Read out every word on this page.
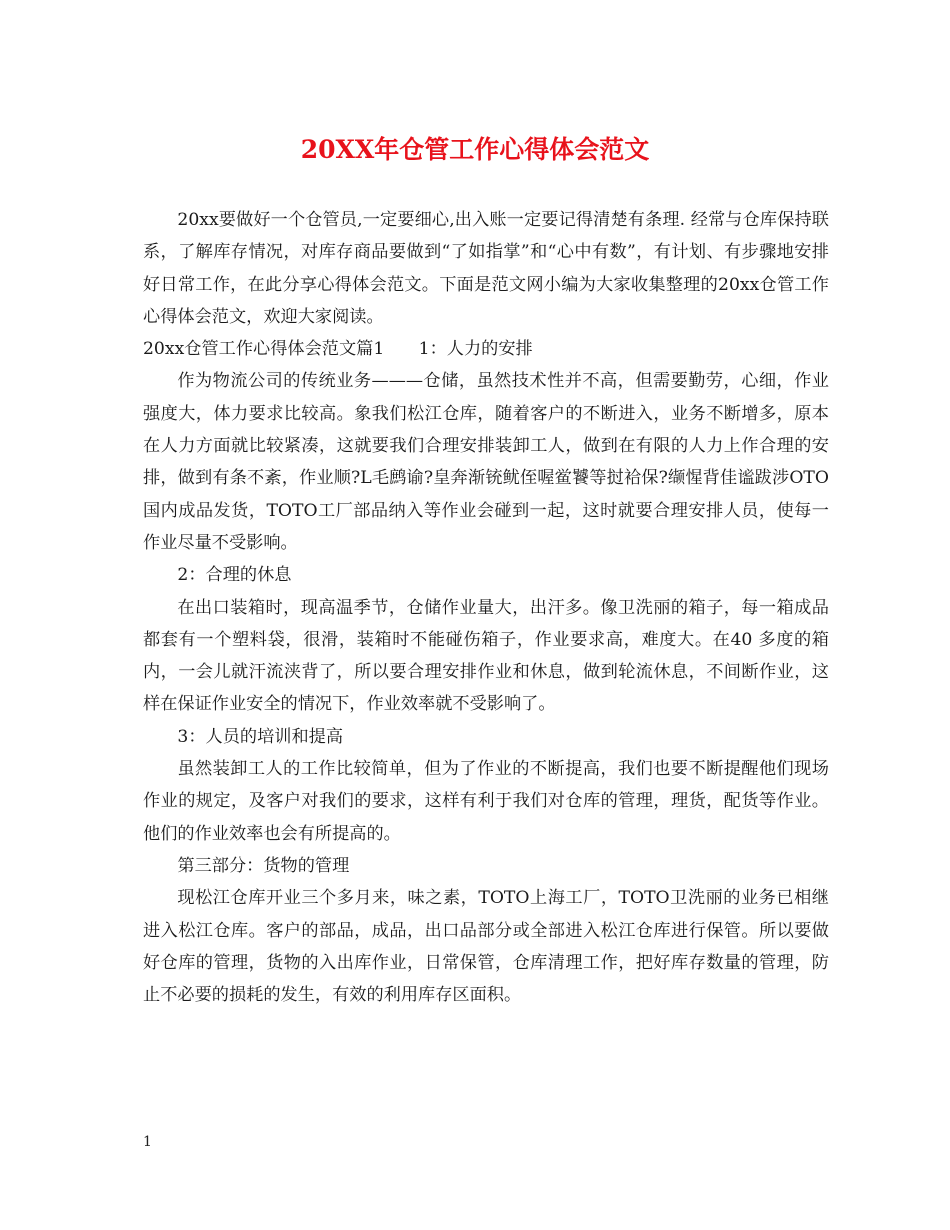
20XX年仓管工作心得体会范文

20xx要做好一个仓管员,一定要细心,出入账一定要记得清楚有条理. 经常与仓库保持联系，了解库存情况，对库存商品要做到“了如指掌”和“心中有数”，有计划、有步骤地安排好日常工作，在此分享心得体会范文。下面是范文网小编为大家收集整理的20xx仓管工作心得体会范文，欢迎大家阅读。

20xx仓管工作心得体会范文篇1　　1：人力的安排

作为物流公司的传统业务———仓储，虽然技术性并不高，但需要勤劳，心细，作业强度大，体力要求比较高。象我们松江仓库，随着客户的不断进入，业务不断增多，原本在人力方面就比较紧凑，这就要我们合理安排装卸工人，做到在有限的人力上作合理的安排，做到有条不紊，作业顺?L毛鹧谕?皇奔渐铳鱿侄喔鲎饕等挝袷保?缬惺背佳谧跋涉OTO国内成品发货，TOTO工厂部品纳入等作业会碰到一起，这时就要合理安排人员，使每一作业尽量不受影响。

2：合理的休息

在出口装箱时，现高温季节，仓储作业量大，出汗多。像卫洗丽的箱子，每一箱成品都套有一个塑料袋，很滑，装箱时不能碰伤箱子，作业要求高，难度大。在40 多度的箱内，一会儿就汗流浃背了，所以要合理安排作业和休息，做到轮流休息，不间断作业，这样在保证作业安全的情况下，作业效率就不受影响了。

3：人员的培训和提高

虽然装卸工人的工作比较简单，但为了作业的不断提高，我们也要不断提醒他们现场作业的规定，及客户对我们的要求，这样有利于我们对仓库的管理，理货，配货等作业。他们的作业效率也会有所提高的。

第三部分：货物的管理

现松江仓库开业三个多月来，味之素，TOTO上海工厂，TOTO卫洗丽的业务已相继进入松江仓库。客户的部品，成品，出口品部分或全部进入松江仓库进行保管。所以要做好仓库的管理，货物的入出库作业，日常保管，仓库清理工作，把好库存数量的管理，防止不必要的损耗的发生，有效的利用库存区面积。

1
